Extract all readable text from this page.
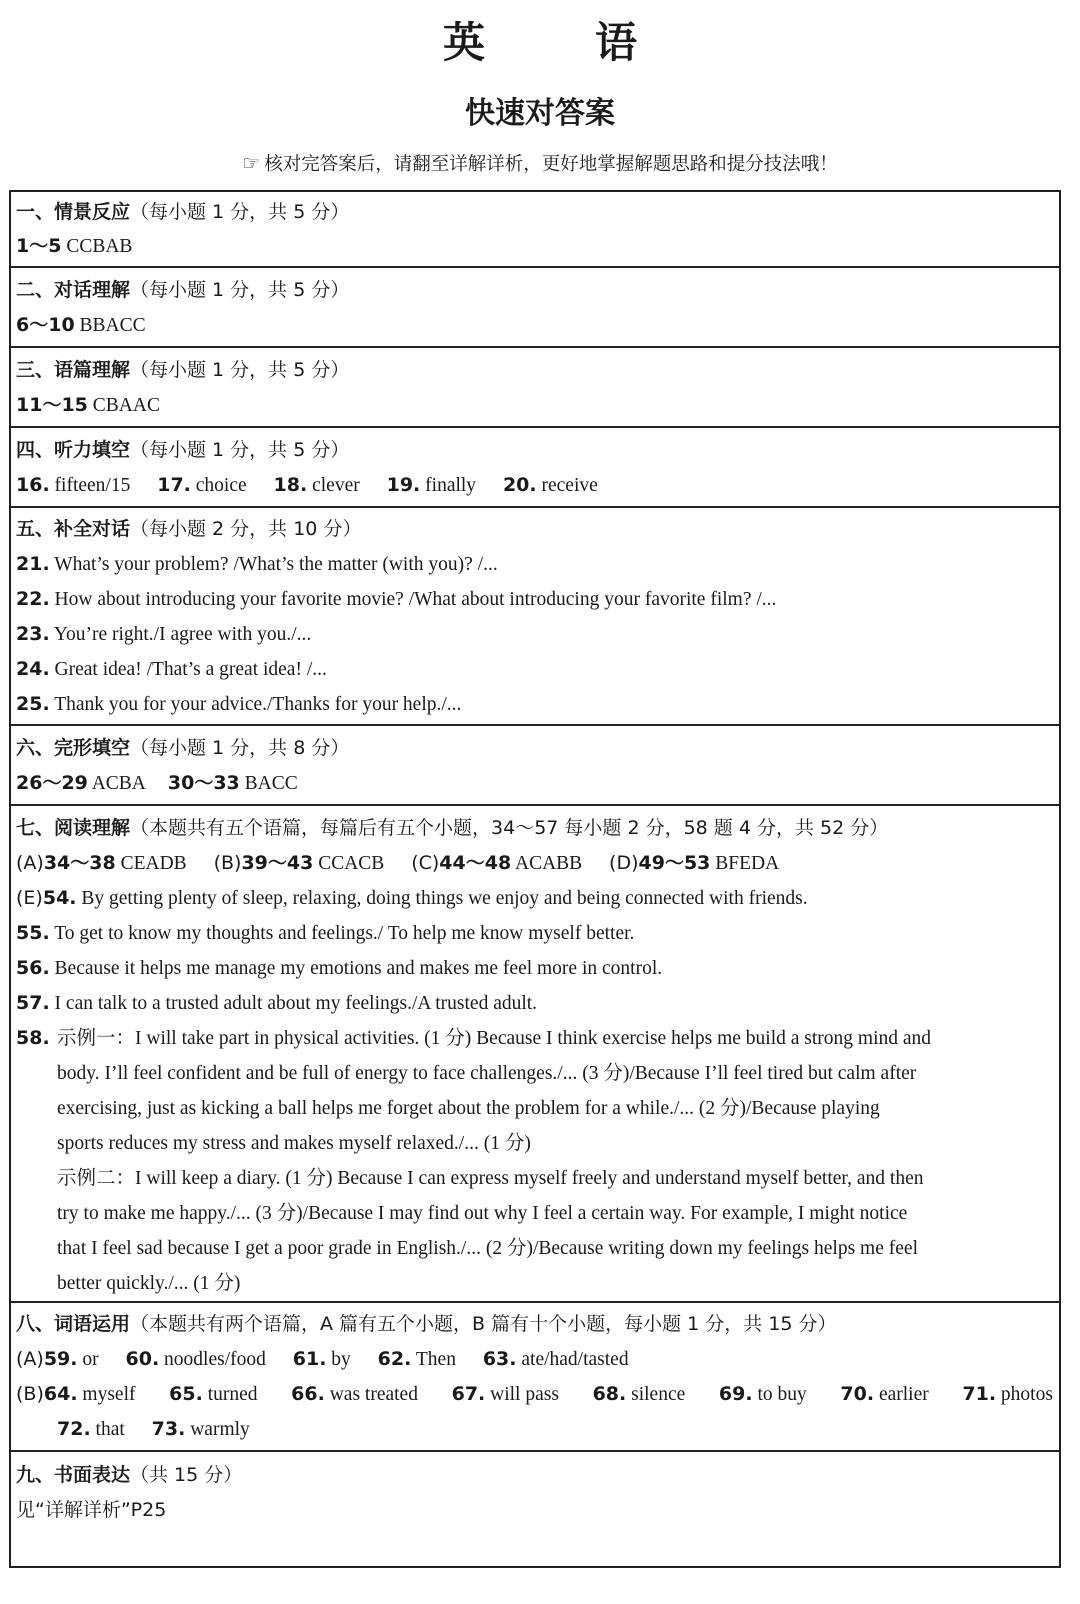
英　语
快速对答案
☞ 核对完答案后，请翻至详解详析，更好地掌握解题思路和提分技法哦！
一、情景反应（每小题 1 分，共 5 分）
1～5 CCBAB
二、对话理解（每小题 1 分，共 5 分）
6～10 BBACC
三、语篇理解（每小题 1 分，共 5 分）
11～15 CBAAC
四、听力填空（每小题 1 分，共 5 分）
16. fifteen/15 17. choice 18. clever 19. finally 20. receive
五、补全对话（每小题 2 分，共 10 分）
21. What’s your problem? /What’s the matter (with you)? /...
22. How about introducing your favorite movie? /What about introducing your favorite film? /...
23. You’re right./I agree with you./...
24. Great idea! /That’s a great idea! /...
25. Thank you for your advice./Thanks for your help./...
六、完形填空（每小题 1 分，共 8 分）
26～29 ACBA 30～33 BACC
七、阅读理解（本题共有五个语篇，每篇后有五个小题，34～57 每小题 2 分，58 题 4 分，共 52 分）
(A)34～38 CEADB (B)39～43 CCACB (C)44～48 ACABB (D)49～53 BFEDA
(E)54. By getting plenty of sleep, relaxing, doing things we enjoy and being connected with friends.
55. To get to know my thoughts and feelings./ To help me know myself better.
56. Because it helps me manage my emotions and makes me feel more in control.
57. I can talk to a trusted adult about my feelings./A trusted adult.
58. 示例一：I will take part in physical activities. (1 分) Because I think exercise helps me build a strong mind and
body. I’ll feel confident and be full of energy to face challenges./... (3 分)/Because I’ll feel tired but calm after
exercising, just as kicking a ball helps me forget about the problem for a while./... (2 分)/Because playing
sports reduces my stress and makes myself relaxed./... (1 分)
示例二：I will keep a diary. (1 分) Because I can express myself freely and understand myself better, and then
try to make me happy./... (3 分)/Because I may find out why I feel a certain way. For example, I might notice
that I feel sad because I get a poor grade in English./... (2 分)/Because writing down my feelings helps me feel
better quickly./... (1 分)
八、词语运用（本题共有两个语篇，A 篇有五个小题，B 篇有十个小题，每小题 1 分，共 15 分）
(A)59. or 60. noodles/food 61. by 62. Then 63. ate/had/tasted
(B)64. myself 65. turned 66. was treated 67. will pass 68. silence 69. to buy 70. earlier 71. photos
72. that 73. warmly
九、书面表达（共 15 分）
见“详解详析”P25
